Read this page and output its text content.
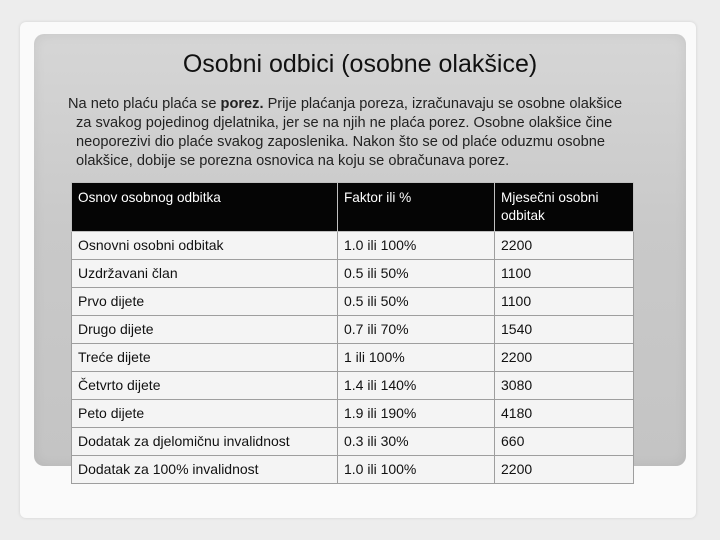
Osobni odbici (osobne olakšice)

Na neto plaću plaća se porez. Prije plaćanja poreza, izračunavaju se osobne olakšice
za svakog pojedinog djelatnika, jer se na njih ne plaća porez. Osobne olakšice čine
neoporezivi dio plaće svakog zaposlenika. Nakon što se od plaće oduzmu osobne
olakšice, dobije se porezna osnovica na koju se obračunava porez.

Osnov osobnog odbitka	Faktor ili %	Mjesečni osobni odbitak
Osnovni osobni odbitak	1.0 ili 100%	2200
Uzdržavani član	0.5 ili 50%	1100
Prvo dijete	0.5 ili 50%	1100
Drugo dijete	0.7 ili 70%	1540
Treće dijete	1 ili 100%	2200
Četvrto dijete	1.4 ili 140%	3080
Peto dijete	1.9 ili 190%	4180
Dodatak za djelomičnu invalidnost	0.3 ili 30%	660
Dodatak za 100% invalidnost	1.0 ili 100%	2200
